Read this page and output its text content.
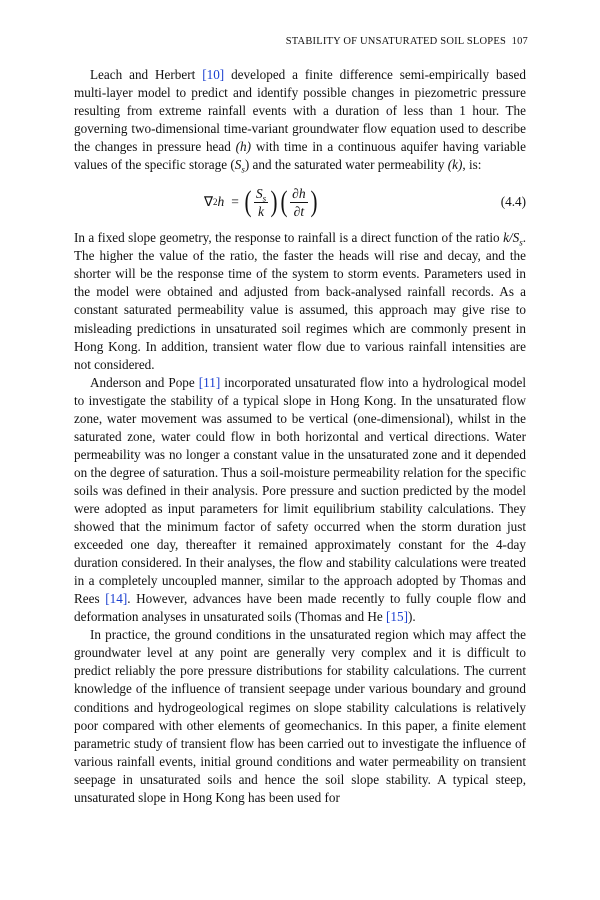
STABILITY OF UNSATURATED SOIL SLOPES 107

Leach and Herbert [10] developed a finite difference semi-empirically based multi-layer model to predict and identify possible changes in piezometric pressure resulting from extreme rainfall events with a duration of less than 1 hour. The governing two-dimensional time-variant groundwater flow equation used to describe the changes in pressure head (h) with time in a continuous aquifer having variable values of the specific storage $(S_s)$ and the saturated water permeability (k), is:

∇ 2 h = ( $\frac{S_s}{k}$ ) ( $\frac{\partial h}{\partial t}$ )	(4.4)

In a fixed slope geometry, the response to rainfall is a direct function of the ratio $k/S_s$. The higher the value of the ratio, the faster the heads will rise and decay, and the shorter will be the response time of the system to storm events. Parameters used in the model were obtained and adjusted from back-analysed rainfall records. As a constant saturated permeability value is assumed, this approach may give rise to misleading predictions in unsaturated soil regimes which are commonly present in Hong Kong. In addition, transient water flow due to various rainfall intensities are not considered.

Anderson and Pope [11] incorporated unsaturated flow into a hydrological model to investigate the stability of a typical slope in Hong Kong. In the unsaturated flow zone, water movement was assumed to be vertical (one-dimensional), whilst in the saturated zone, water could flow in both horizontal and vertical directions. Water permeability was no longer a constant value in the unsaturated zone and it depended on the degree of saturation. Thus a soil-moisture permeability relation for the specific soils was defined in their analysis. Pore pressure and suction predicted by the model were adopted as input parameters for limit equilibrium stability calculations. They showed that the minimum factor of safety occurred when the storm duration just exceeded one day, thereafter it remained approximately constant for the 4-day duration considered. In their analyses, the flow and stability calculations were treated in a completely uncoupled manner, similar to the approach adopted by Thomas and Rees [14]. However, advances have been made recently to fully couple flow and deformation analyses in unsaturated soils (Thomas and He [15]).

In practice, the ground conditions in the unsaturated region which may affect the groundwater level at any point are generally very complex and it is difficult to predict reliably the pore pressure distributions for stability calculations. The current knowledge of the influence of transient seepage under various boundary and ground conditions and hydrogeological regimes on slope stability calculations is relatively poor compared with other elements of geomechanics. In this paper, a finite element parametric study of transient flow has been carried out to investigate the influence of various rainfall events, initial ground conditions and water permeability on transient seepage in unsaturated soils and hence the soil slope stability. A typical steep, unsaturated slope in Hong Kong has been used for
